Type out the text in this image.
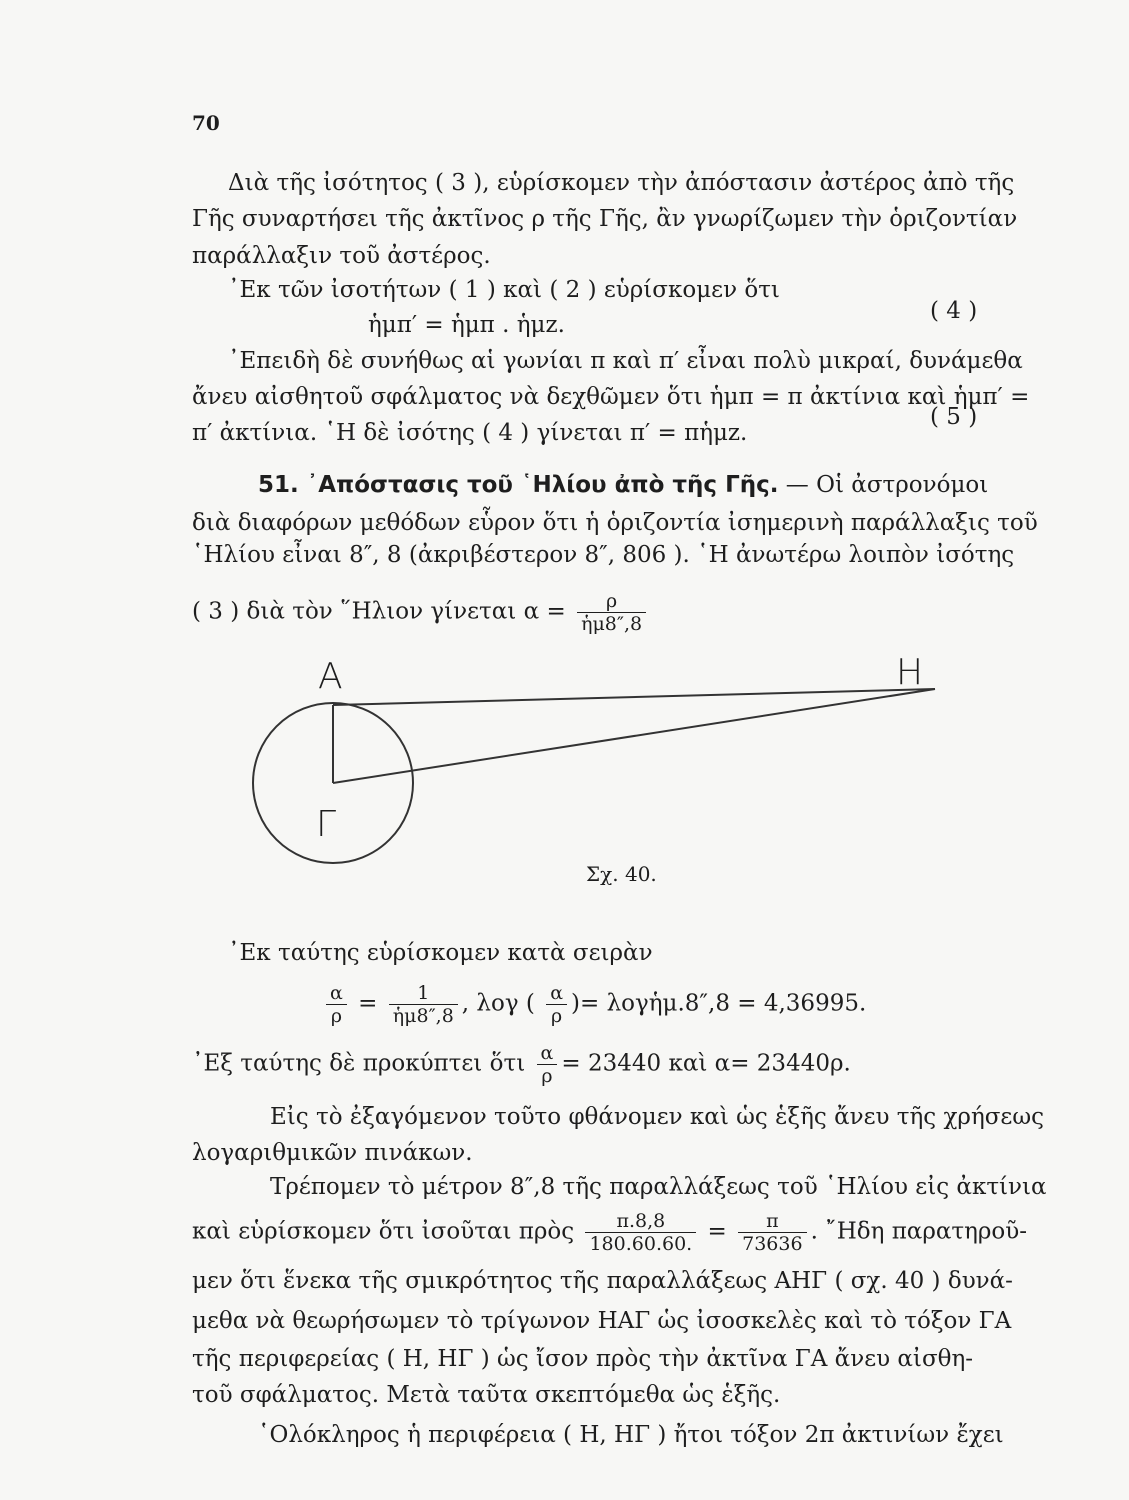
70
Διὰ τῆς ἰσότητος ( 3 ), εὑρίσκομεν τὴν ἀπόστασιν ἀστέρος ἀπὸ τῆς
Γῆς συναρτήσει τῆς ἀκτῖνος ρ τῆς Γῆς, ἂν γνωρίζωμεν τὴν ὁριζοντίαν
παράλλαξιν τοῦ ἀστέρος.
᾿Εκ τῶν ἰσοτήτων ( 1 ) καὶ ( 2 ) εὑρίσκομεν ὅτι
ἡμπ′ = ἡμπ . ἡμz.
( 4 )
᾿Επειδὴ δὲ συνήθως αἱ γωνίαι π καὶ π′ εἶναι πολὺ μικραί, δυνάμεθα
ἄνευ αἰσθητοῦ σφάλματος νὰ δεχθῶμεν ὅτι ἡμπ = π ἀκτίνια καὶ ἡμπ′ =
π′ ἀκτίνια. ῾Η δὲ ἰσότης ( 4 ) γίνεται π′ = πἡμz.
( 5 )
51. ᾿Απόστασις τοῦ ῾Ηλίου ἀπὸ τῆς Γῆς. — Οἱ ἀστρονόμοι
διὰ διαφόρων μεθόδων εὗρον ὅτι ἡ ὁριζοντία ἰσημερινὴ παράλλαξις τοῦ
῾Ηλίου εἶναι 8″, 8 (ἀκριβέστερον 8″, 806 ). ῾Η ἀνωτέρω λοιπὸν ἰσότης
( 3 ) διὰ τὸν ῞Ηλιον γίνεται $\alpha = \frac{\rho}{\text{ἡμ8″,8}}$
Α	Η
Γ
Σχ. 40.
᾿Εκ ταύτης εὑρίσκομεν κατὰ σειρὰν
$\frac{\alpha}{\rho} = \frac{1}{\text{ἡμ8″,8}}$ , λογ ( $\frac{\alpha}{\rho}$ )= λογἡμ.8″,8 = 4,36995.
᾿Εξ ταύτης δὲ προκύπτει ὅτι $\frac{\alpha}{\rho} = 23440$ καὶ α= 23440ρ.
Εἰς τὸ ἐξαγόμενον τοῦτο φθάνομεν καὶ ὡς ἑξῆς ἄνευ τῆς χρήσεως
λογαριθμικῶν πινάκων.
Τρέπομεν τὸ μέτρον 8″,8 τῆς παραλλάξεως τοῦ ῾Ηλίου εἰς ἀκτίνια
καὶ εὑρίσκομεν ὅτι ἰσοῦται πρὸς $\frac{\pi.8,8}{180.60.60.} = \frac{\pi}{73636}$ . ῎Ηδη παρατηροῦ-
μεν ὅτι ἕνεκα τῆς σμικρότητος τῆς παραλλάξεως ΑΗΓ ( σχ. 40 ) δυνά-
μεθα νὰ θεωρήσωμεν τὸ τρίγωνον ΗΑΓ ὡς ἰσοσκελὲς καὶ τὸ τόξον ΓΑ
τῆς περιφερείας ( Η, ΗΓ ) ὡς ἴσον πρὸς τὴν ἀκτῖνα ΓΑ ἄνευ αἰσθη-
τοῦ σφάλματος. Μετὰ ταῦτα σκεπτόμεθα ὡς ἑξῆς.
῾Ολόκληρος ἡ περιφέρεια ( Η, ΗΓ ) ἤτοι τόξον 2π ἀκτινίων ἔχει
